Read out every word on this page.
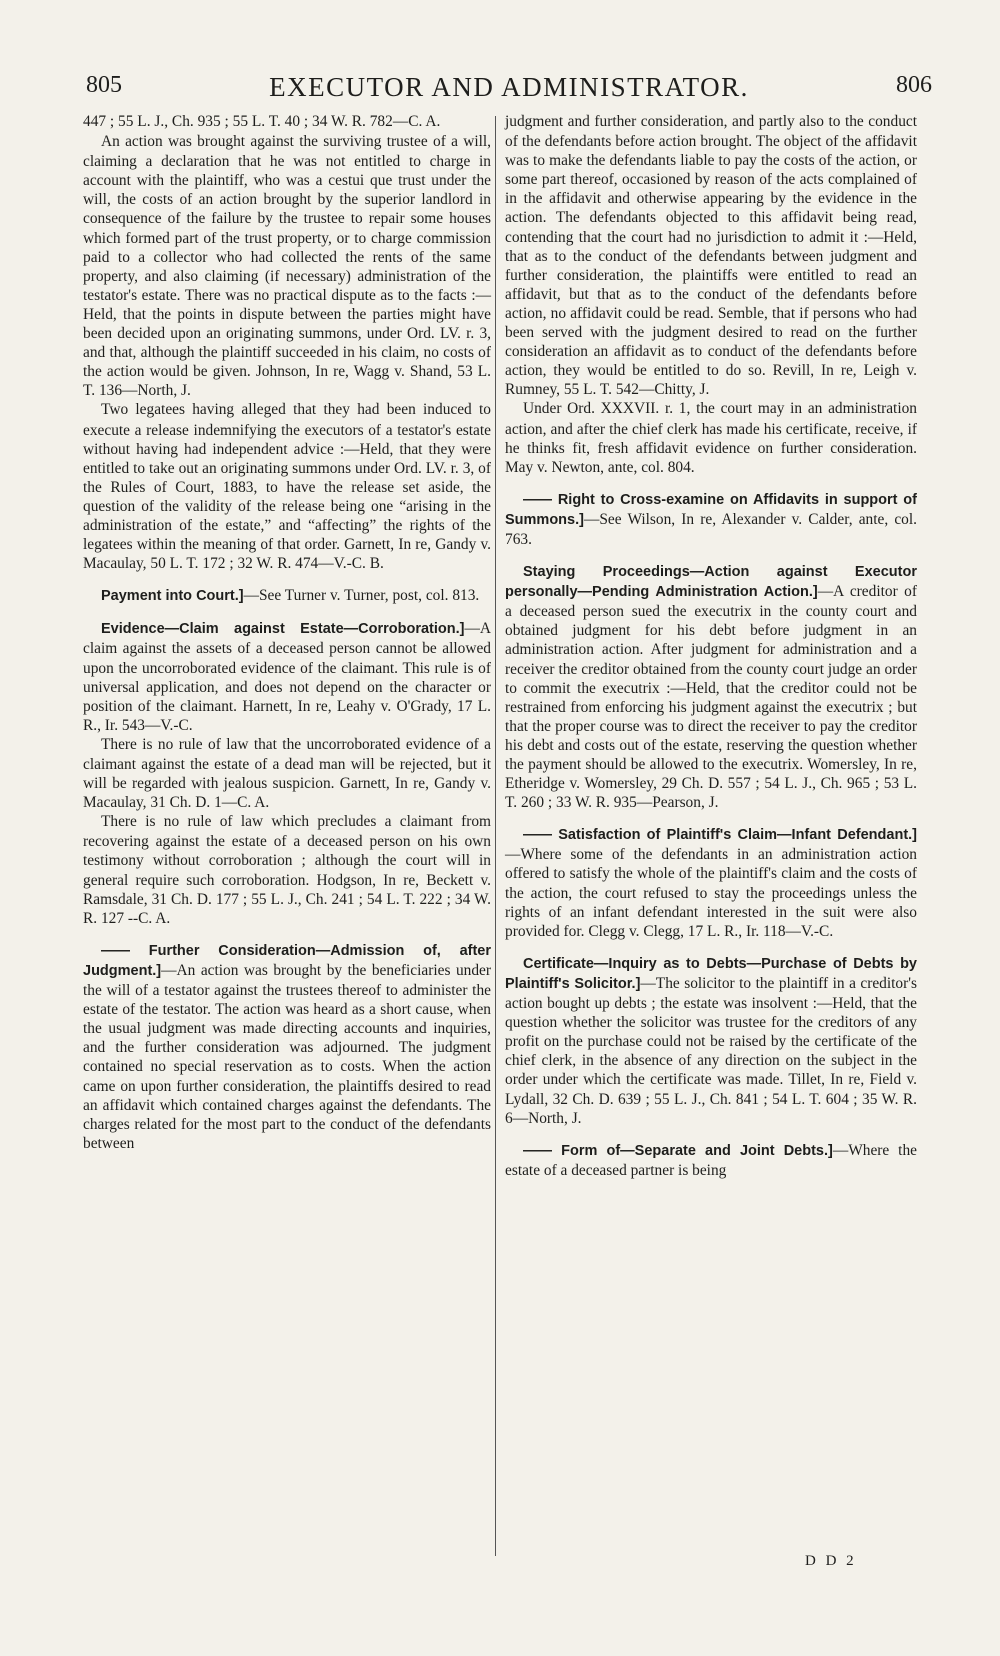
805	EXECUTOR AND ADMINISTRATOR.	806

447 ; 55 L. J., Ch. 935 ; 55 L. T. 40 ; 34 W. R. 782—C. A.

An action was brought against the surviving trustee of a will, claiming a declaration that he was not entitled to charge in account with the plaintiff, who was a cestui que trust under the will, the costs of an action brought by the superior landlord in consequence of the failure by the trustee to repair some houses which formed part of the trust property, or to charge commission paid to a collector who had collected the rents of the same property, and also claiming (if necessary) administration of the testator's estate. There was no practical dispute as to the facts :—Held, that the points in dispute between the parties might have been decided upon an originating summons, under Ord. LV. r. 3, and that, although the plaintiff succeeded in his claim, no costs of the action would be given. Johnson, In re, Wagg v. Shand, 53 L. T. 136—North, J.

Two legatees having alleged that they had been induced to execute a release indemnifying the executors of a testator's estate without having had independent advice :—Held, that they were entitled to take out an originating summons under Ord. LV. r. 3, of the Rules of Court, 1883, to have the release set aside, the question of the validity of the release being one “arising in the administration of the estate,” and “affecting” the rights of the legatees within the meaning of that order. Garnett, In re, Gandy v. Macaulay, 50 L. T. 172 ; 32 W. R. 474—V.-C. B.

Payment into Court.]—See Turner v. Turner, post, col. 813.

Evidence—Claim against Estate—Corroboration.]—A claim against the assets of a deceased person cannot be allowed upon the uncorroborated evidence of the claimant. This rule is of universal application, and does not depend on the character or position of the claimant. Harnett, In re, Leahy v. O'Grady, 17 L. R., Ir. 543—V.-C.

There is no rule of law that the uncorroborated evidence of a claimant against the estate of a dead man will be rejected, but it will be regarded with jealous suspicion. Garnett, In re, Gandy v. Macaulay, 31 Ch. D. 1—C. A.

There is no rule of law which precludes a claimant from recovering against the estate of a deceased person on his own testimony without corroboration ; although the court will in general require such corroboration. Hodgson, In re, Beckett v. Ramsdale, 31 Ch. D. 177 ; 55 L. J., Ch. 241 ; 54 L. T. 222 ; 34 W. R. 127 --C. A.

—— Further Consideration—Admission of, after Judgment.]—An action was brought by the beneficiaries under the will of a testator against the trustees thereof to administer the estate of the testator. The action was heard as a short cause, when the usual judgment was made directing accounts and inquiries, and the further consideration was adjourned. The judgment contained no special reservation as to costs. When the action came on upon further consideration, the plaintiffs desired to read an affidavit which contained charges against the defendants. The charges related for the most part to the conduct of the defendants between

judgment and further consideration, and partly also to the conduct of the defendants before action brought. The object of the affidavit was to make the defendants liable to pay the costs of the action, or some part thereof, occasioned by reason of the acts complained of in the affidavit and otherwise appearing by the evidence in the action. The defendants objected to this affidavit being read, contending that the court had no jurisdiction to admit it :—Held, that as to the conduct of the defendants between judgment and further consideration, the plaintiffs were entitled to read an affidavit, but that as to the conduct of the defendants before action, no affidavit could be read. Semble, that if persons who had been served with the judgment desired to read on the further consideration an affidavit as to conduct of the defendants before action, they would be entitled to do so. Revill, In re, Leigh v. Rumney, 55 L. T. 542—Chitty, J.

Under Ord. XXXVII. r. 1, the court may in an administration action, and after the chief clerk has made his certificate, receive, if he thinks fit, fresh affidavit evidence on further consideration. May v. Newton, ante, col. 804.

—— Right to Cross-examine on Affidavits in support of Summons.]—See Wilson, In re, Alexander v. Calder, ante, col. 763.

Staying Proceedings—Action against Executor personally—Pending Administration Action.]—A creditor of a deceased person sued the executrix in the county court and obtained judgment for his debt before judgment in an administration action. After judgment for administration and a receiver the creditor obtained from the county court judge an order to commit the executrix :—Held, that the creditor could not be restrained from enforcing his judgment against the executrix ; but that the proper course was to direct the receiver to pay the creditor his debt and costs out of the estate, reserving the question whether the payment should be allowed to the executrix. Womersley, In re, Etheridge v. Womersley, 29 Ch. D. 557 ; 54 L. J., Ch. 965 ; 53 L. T. 260 ; 33 W. R. 935—Pearson, J.

—— Satisfaction of Plaintiff's Claim—Infant Defendant.]—Where some of the defendants in an administration action offered to satisfy the whole of the plaintiff's claim and the costs of the action, the court refused to stay the proceedings unless the rights of an infant defendant interested in the suit were also provided for. Clegg v. Clegg, 17 L. R., Ir. 118—V.-C.

Certificate—Inquiry as to Debts—Purchase of Debts by Plaintiff's Solicitor.]—The solicitor to the plaintiff in a creditor's action bought up debts ; the estate was insolvent :—Held, that the question whether the solicitor was trustee for the creditors of any profit on the purchase could not be raised by the certificate of the chief clerk, in the absence of any direction on the subject in the order under which the certificate was made. Tillet, In re, Field v. Lydall, 32 Ch. D. 639 ; 55 L. J., Ch. 841 ; 54 L. T. 604 ; 35 W. R. 6—North, J.

—— Form of—Separate and Joint Debts.]—Where the estate of a deceased partner is being

D D 2
